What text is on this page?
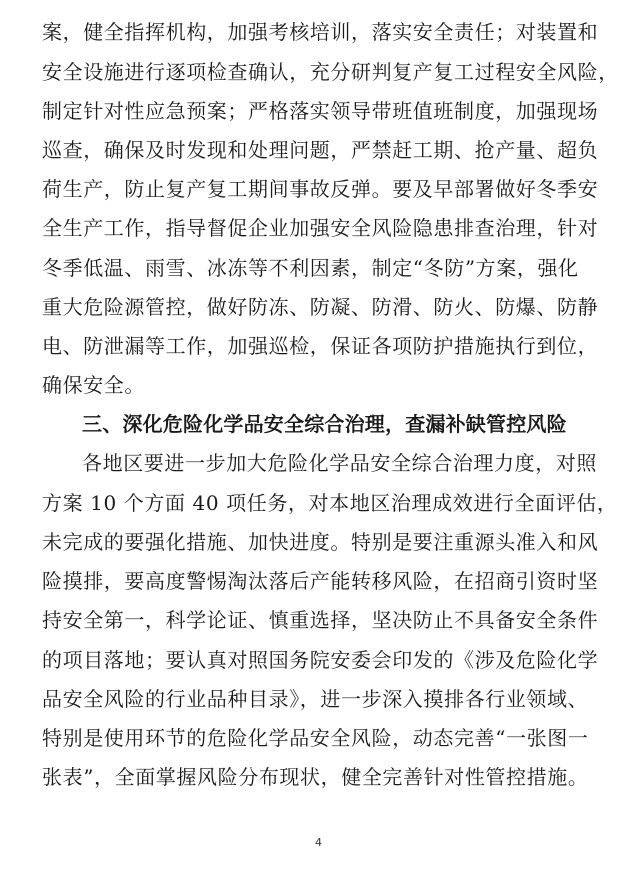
案，健全指挥机构，加强考核培训，落实安全责任；对装置和
安全设施进行逐项检查确认，充分研判复产复工过程安全风险，
制定针对性应急预案；严格落实领导带班值班制度，加强现场
巡查，确保及时发现和处理问题，严禁赶工期、抢产量、超负
荷生产，防止复产复工期间事故反弹。要及早部署做好冬季安
全生产工作，指导督促企业加强安全风险隐患排查治理，针对
冬季低温、雨雪、冰冻等不利因素，制定“冬防”方案，强化
重大危险源管控，做好防冻、防凝、防滑、防火、防爆、防静
电、防泄漏等工作，加强巡检，保证各项防护措施执行到位，
确保安全。
三、深化危险化学品安全综合治理，查漏补缺管控风险
各地区要进一步加大危险化学品安全综合治理力度，对照
方案 10 个方面 40 项任务，对本地区治理成效进行全面评估，
未完成的要强化措施、加快进度。特别是要注重源头准入和风
险摸排，要高度警惕淘汰落后产能转移风险，在招商引资时坚
持安全第一，科学论证、慎重选择，坚决防止不具备安全条件
的项目落地；要认真对照国务院安委会印发的《涉及危险化学
品安全风险的行业品种目录》，进一步深入摸排各行业领域、
特别是使用环节的危险化学品安全风险，动态完善“一张图一
张表”，全面掌握风险分布现状，健全完善针对性管控措施。
4
